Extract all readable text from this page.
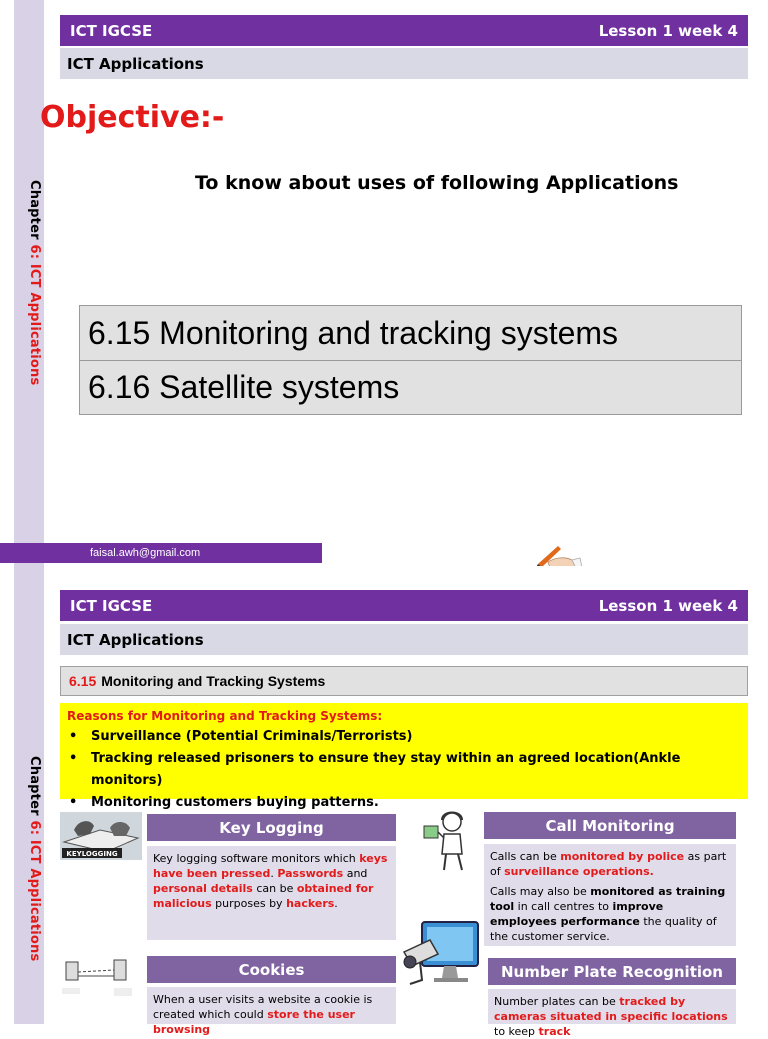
Chapter 6: ICT Applications
ICT IGCSE	Lesson 1 week 4
ICT Applications
Objective:-
To know about uses of following Applications
6.15 Monitoring and tracking systems
6.16 Satellite systems
faisal.awh@gmail.com
Chapter 6: ICT Applications
ICT IGCSE	Lesson 1 week 4
ICT Applications
6.15 Monitoring and Tracking Systems
Reasons for Monitoring and Tracking Systems:
• Surveillance (Potential Criminals/Terrorists)
• Tracking released prisoners to ensure they stay within an agreed location(Ankle monitors)
• Monitoring customers buying patterns.
KEYLOGGING
Key Logging
Key logging software monitors which keys have been pressed. Passwords and personal details can be obtained for malicious purposes by hackers.
Call Monitoring

Calls can be monitored by police as part of surveillance operations.

Calls may also be monitored as training tool in call centres to improve employees performance the quality of the customer service.

Cookies
When a user visits a website a cookie is created which could store the user browsing
Number Plate Recognition
Number plates can be tracked by cameras situated in specific locations to keep track
